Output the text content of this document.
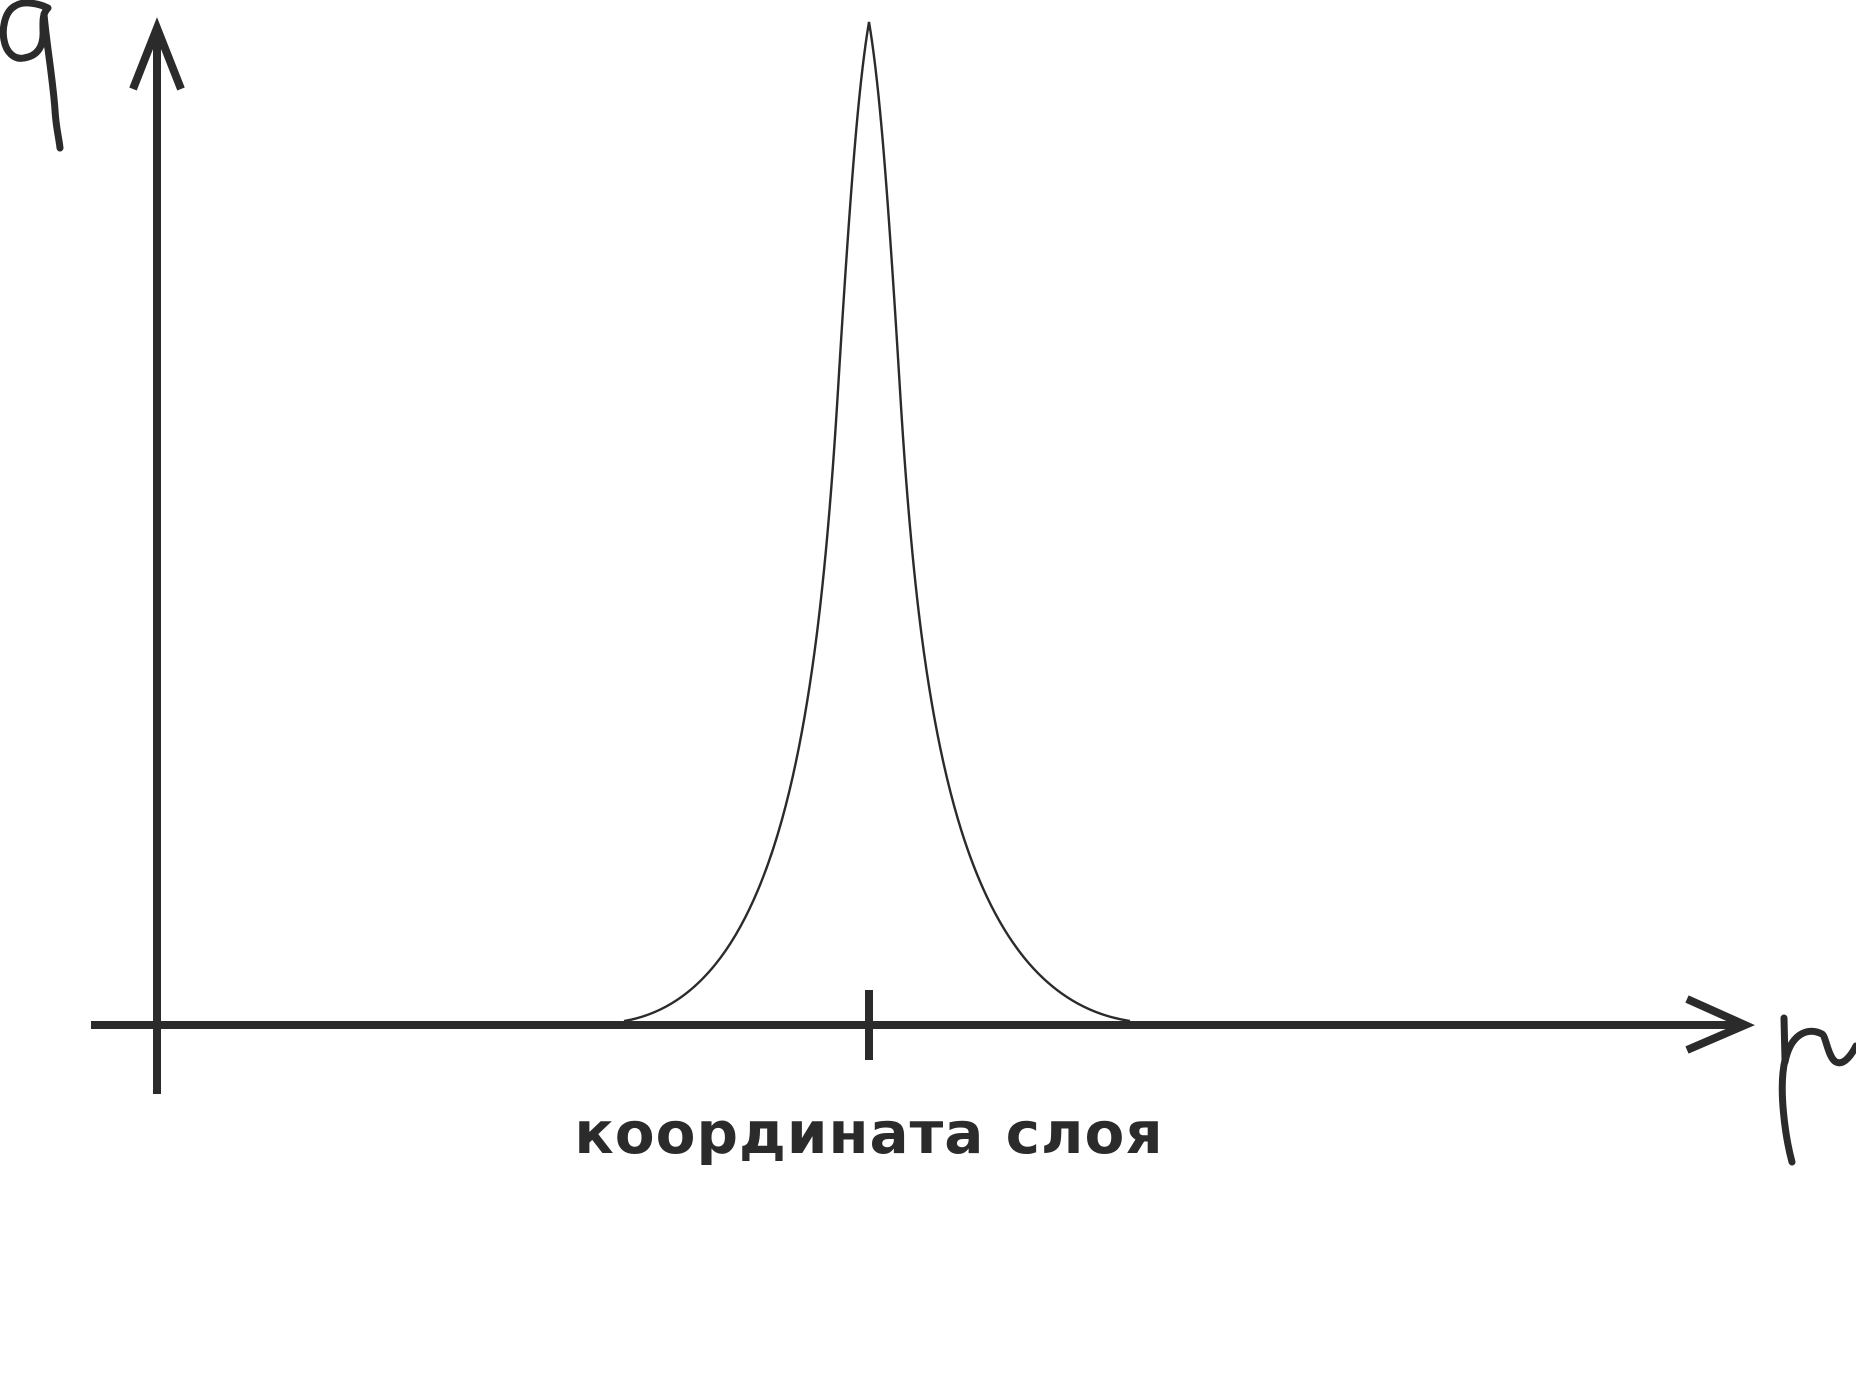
координата слоя
